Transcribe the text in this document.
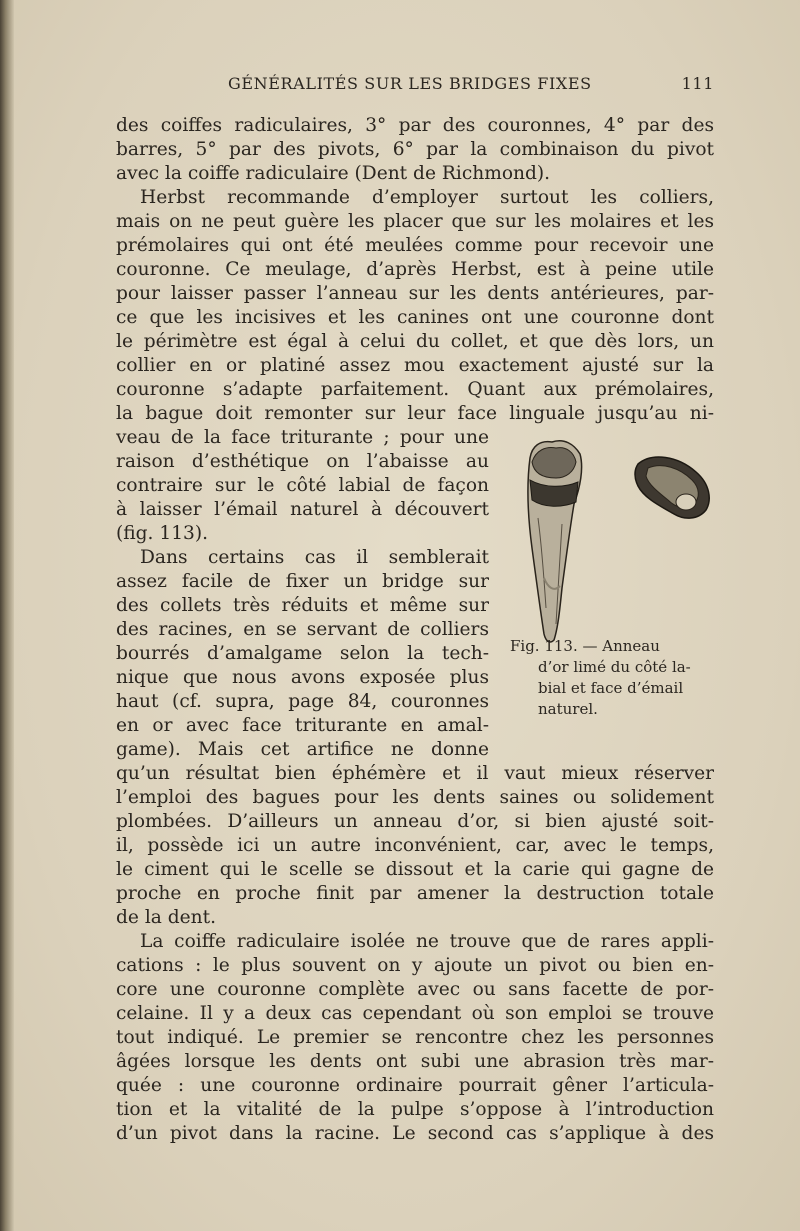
GÉNÉRALITÉS SUR LES BRIDGES FIXES	111
des coiffes radiculaires, 3° par des couronnes, 4° par des
barres, 5° par des pivots, 6° par la combinaison du pivot
avec la coiffe radiculaire (Dent de Richmond).
Herbst recommande d’employer surtout les colliers,
mais on ne peut guère les placer que sur les molaires et les
prémolaires qui ont été meulées comme pour recevoir une
couronne. Ce meulage, d’après Herbst, est à peine utile
pour laisser passer l’anneau sur les dents antérieures, par-
ce que les incisives et les canines ont une couronne dont
le périmètre est égal à celui du collet, et que dès lors, un
collier en or platiné assez mou exactement ajusté sur la
couronne s’adapte parfaitement. Quant aux prémolaires,
la bague doit remonter sur leur face linguale jusqu’au ni-
veau de la face triturante ; pour une
raison d’esthétique on l’abaisse au
contraire sur le côté labial de façon
à laisser l’émail naturel à découvert
(fig. 113).
Dans certains cas il semblerait
assez facile de fixer un bridge sur
des collets très réduits et même sur
des racines, en se servant de colliers
bourrés d’amalgame selon la tech-
nique que nous avons exposée plus
haut (cf. supra, page 84, couronnes
en or avec face triturante en amal-
game). Mais cet artifice ne donne
qu’un résultat bien éphémère et il vaut mieux réserver
l’emploi des bagues pour les dents saines ou solidement
plombées. D’ailleurs un anneau d’or, si bien ajusté soit-
il, possède ici un autre inconvénient, car, avec le temps,
le ciment qui le scelle se dissout et la carie qui gagne de
proche en proche finit par amener la destruction totale
de la dent.
La coiffe radiculaire isolée ne trouve que de rares appli-
cations : le plus souvent on y ajoute un pivot ou bien en-
core une couronne complète avec ou sans facette de por-
celaine. Il y a deux cas cependant où son emploi se trouve
tout indiqué. Le premier se rencontre chez les personnes
âgées lorsque les dents ont subi une abrasion très mar-
quée : une couronne ordinaire pourrait gêner l’articula-
tion et la vitalité de la pulpe s’oppose à l’introduction
d’un pivot dans la racine. Le second cas s’applique à des
Fig. 113. — Anneau
d’or limé du côté la-
bial et face d’émail
naturel.
